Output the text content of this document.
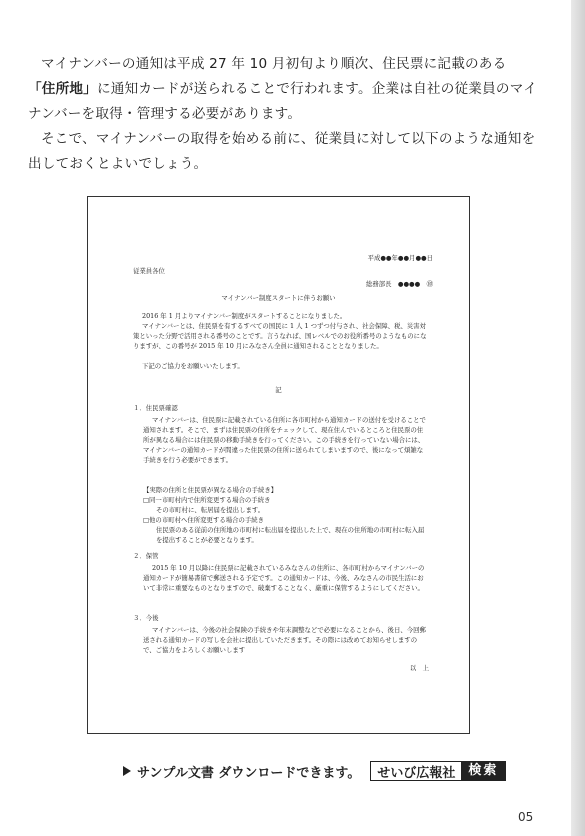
マイナンバーの通知は平成 27 年 10 月初旬より順次、住民票に記載のある
「住所地」に通知カードが送られることで行われます。企業は自社の従業員のマイナンバーを取得・管理する必要があります。

そこで、マイナンバーの取得を始める前に、従業員に対して以下のような通知を出しておくとよいでしょう。

平成●●年●●月●●日
従業員各位
総務部長　●●●●　㊞
マイナンバー制度スタートに伴うお願い
2016 年 1 月よりマイナンバー制度がスタートすることになりました。
マイナンバーとは、住民票を有するすべての国民に 1 人 1 つずつ付与され、社会保障、税、災害対策といった分野で活用される番号のことです。言うなれば、国レベルでのお役所番号のようなものになりますが、この番号が 2015 年 10 月にみなさん全員に通知されることとなりました。
下記のご協力をお願いいたします。
記
１．住民票確認
マイナンバーは、住民票に記載されている住所に各市町村から通知カードの送付を受けることで通知されます。そこで、まずは住民票の住所をチェックして、現在住んでいるところと住民票の住所が異なる場合には住民票の移動手続きを行ってください。この手続きを行っていない場合には、マイナンバーの通知カードが間違った住民票の住所に送られてしまいますので、後になって煩雑な手続きを行う必要ができます。
【実際の住所と住民票が異なる場合の手続き】
□同一市町村内で住所変更する場合の手続き
その市町村に、転居届を提出します。
□他の市町村へ住所変更する場合の手続き
住民票のある従前の住所地の市町村に転出届を提出した上で、現在の住所地の市町村に転入届を提出することが必要となります。
２．保管
2015 年 10 月以降に住民票に記載されているみなさんの住所に、各市町村からマイナンバーの通知カードが簡易書留で郵送される予定です。この通知カードは、今後、みなさんの市民生活において非常に重要なものとなりますので、破棄することなく、厳重に保管するようにしてください。
３．今後
マイナンバーは、今後の社会保険の手続きや年末調整などで必要になることから、後日、今回郵送される通知カードの写しを会社に提出していただきます。その際には改めてお知らせしますので、ご協力をよろしくお願いします
以　上
サンプル文書 ダウンロードできます。	せいび広報社	検索
05
